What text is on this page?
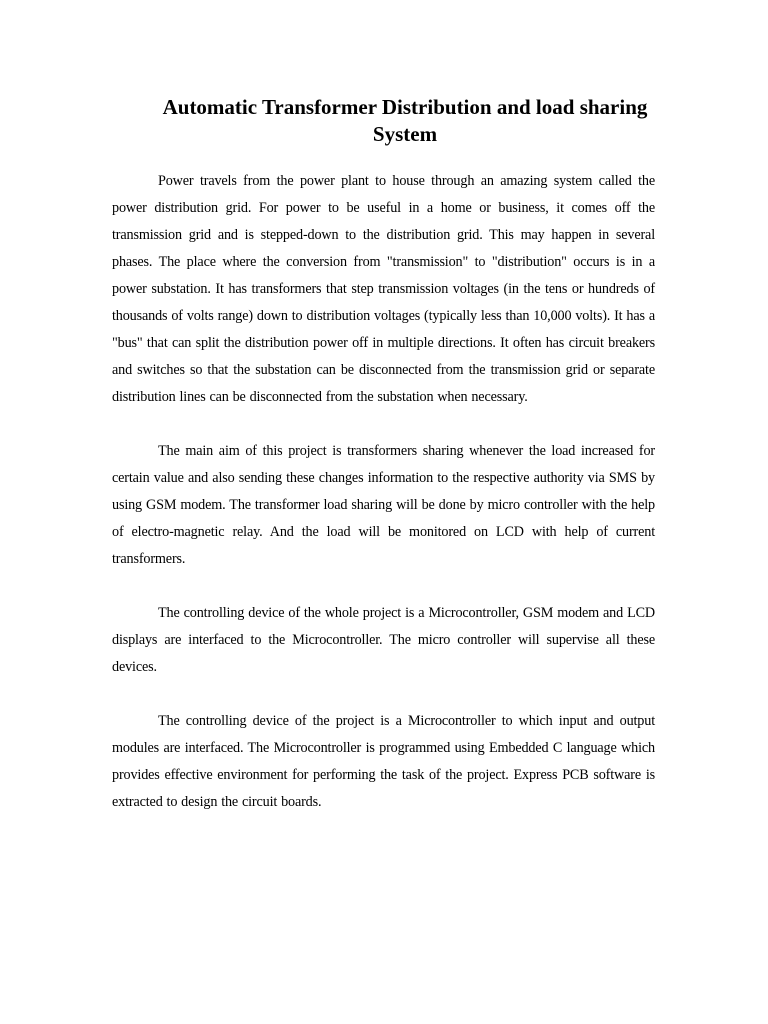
Automatic Transformer Distribution and load sharing System

Power travels from the power plant to house through an amazing system called the power distribution grid. For power to be useful in a home or business, it comes off the transmission grid and is stepped-down to the distribution grid. This may happen in several phases. The place where the conversion from "transmission" to "distribution" occurs is in a power substation. It has transformers that step transmission voltages (in the tens or hundreds of thousands of volts range) down to distribution voltages (typically less than 10,000 volts). It has a "bus" that can split the distribution power off in multiple directions. It often has circuit breakers and switches so that the substation can be disconnected from the transmission grid or separate distribution lines can be disconnected from the substation when necessary.

The main aim of this project is transformers sharing whenever the load increased for certain value and also sending these changes information to the respective authority via SMS by using GSM modem. The transformer load sharing will be done by micro controller with the help of electro-magnetic relay. And the load will be monitored on LCD with help of current transformers.

The controlling device of the whole project is a Microcontroller, GSM modem and LCD displays are interfaced to the Microcontroller. The micro controller will supervise all these devices.

The controlling device of the project is a Microcontroller to which input and output modules are interfaced. The Microcontroller is programmed using Embedded C language which provides effective environment for performing the task of the project. Express PCB software is extracted to design the circuit boards.
